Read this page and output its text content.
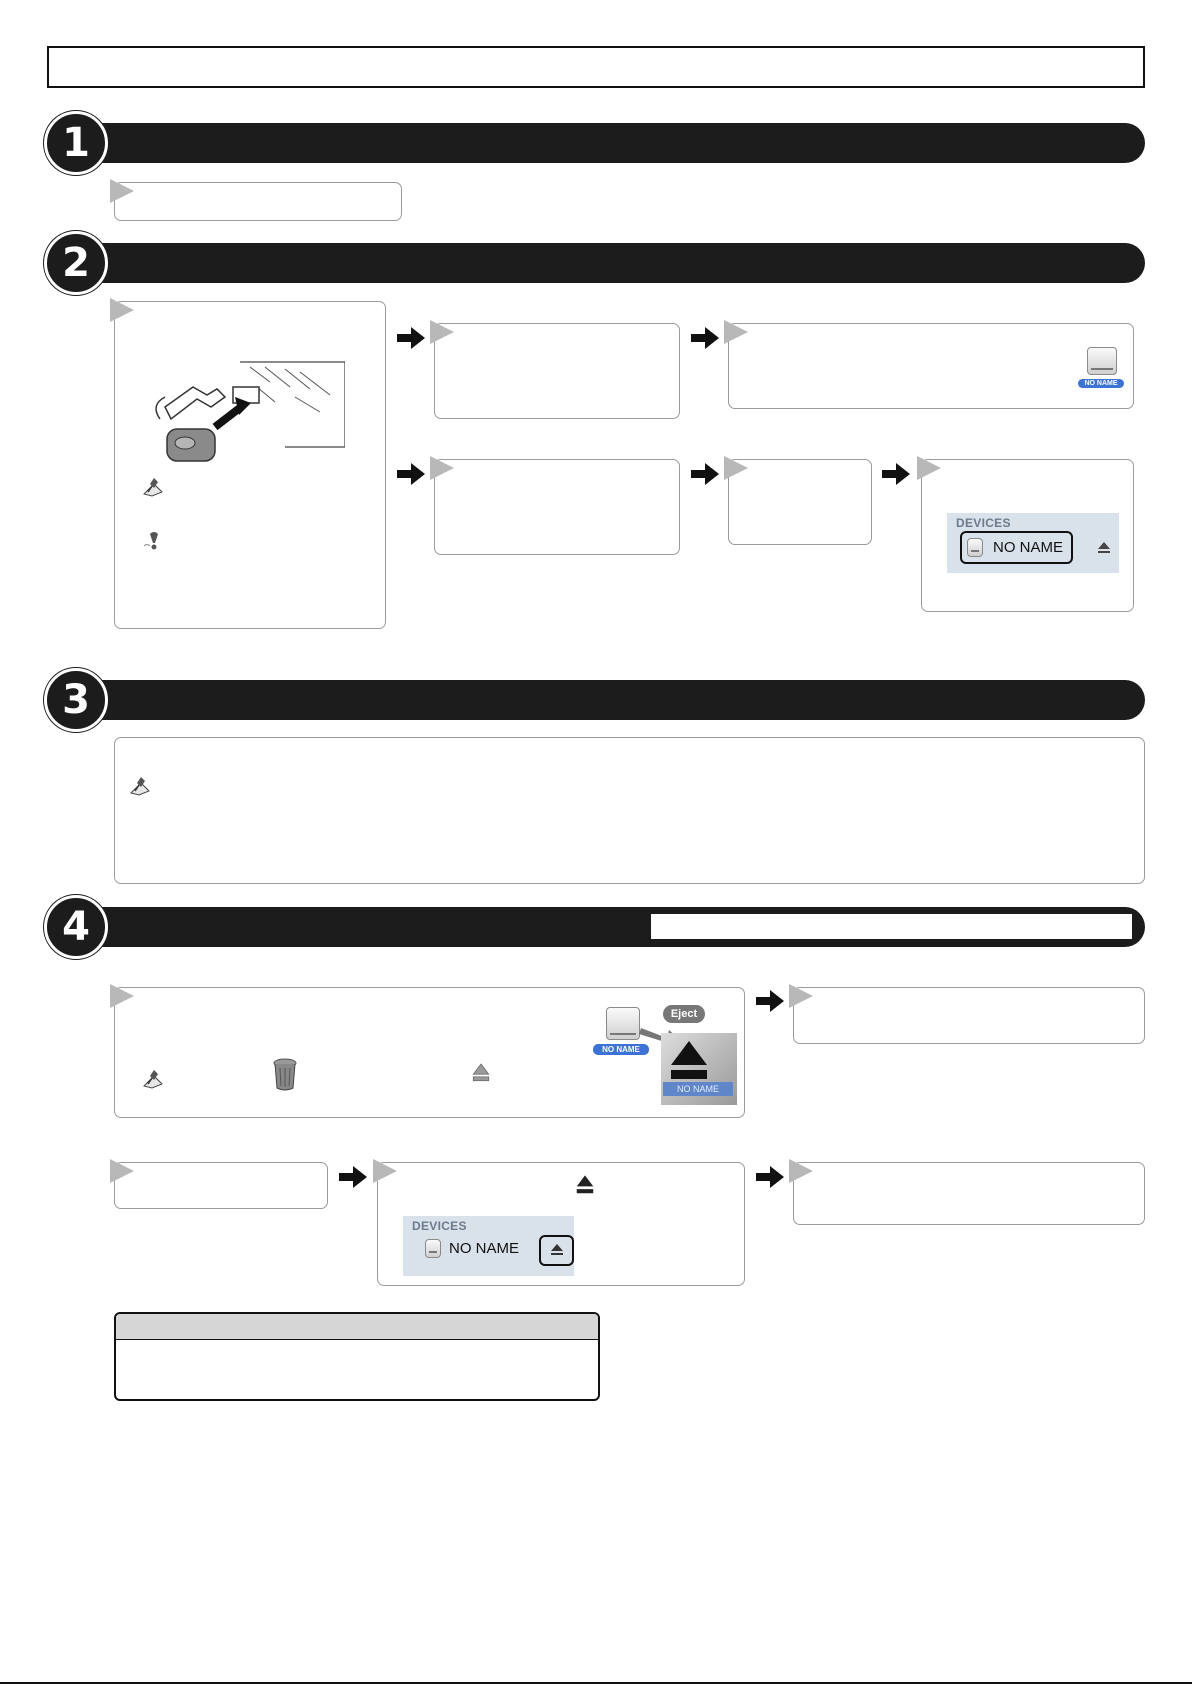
1
2
NO NAME
DEVICES
NO NAME
3
4
NO NAME
Eject
NO NAME
DEVICES
NO NAME
